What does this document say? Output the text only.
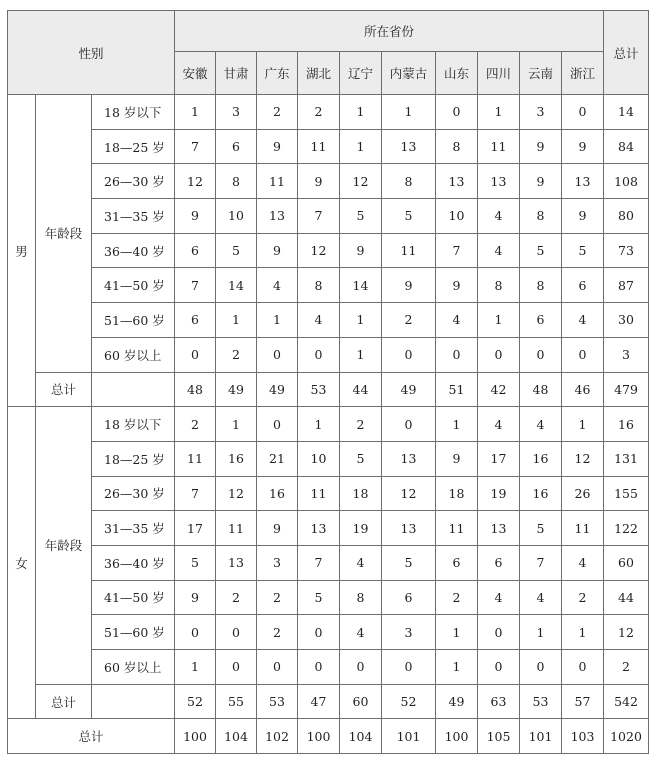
性别			所在省份										总计
			安徽	甘肃	广东	湖北	辽宁	内蒙古	山东	四川	云南	浙江	
男	年龄段	18 岁以下	1	3	2	2	1	1	0	1	3	0	14
		18—25 岁	7	6	9	11	1	13	8	11	9	9	84
		26—30 岁	12	8	11	9	12	8	13	13	9	13	108
		31—35 岁	9	10	13	7	5	5	10	4	8	9	80
		36—40 岁	6	5	9	12	9	11	7	4	5	5	73
		41—50 岁	7	14	4	8	14	9	9	8	8	6	87
		51—60 岁	6	1	1	4	1	2	4	1	6	4	30
		60 岁以上	0	2	0	0	1	0	0	0	0	0	3
	总计		48	49	49	53	44	49	51	42	48	46	479
女	年龄段	18 岁以下	2	1	0	1	2	0	1	4	4	1	16
		18—25 岁	11	16	21	10	5	13	9	17	16	12	131
		26—30 岁	7	12	16	11	18	12	18	19	16	26	155
		31—35 岁	17	11	9	13	19	13	11	13	5	11	122
		36—40 岁	5	13	3	7	4	5	6	6	7	4	60
		41—50 岁	9	2	2	5	8	6	2	4	4	2	44
		51—60 岁	0	0	2	0	4	3	1	0	1	1	12
		60 岁以上	1	0	0	0	0	0	1	0	0	0	2
	总计		52	55	53	47	60	52	49	63	53	57	542
总计			100	104	102	100	104	101	100	105	101	103	1020
